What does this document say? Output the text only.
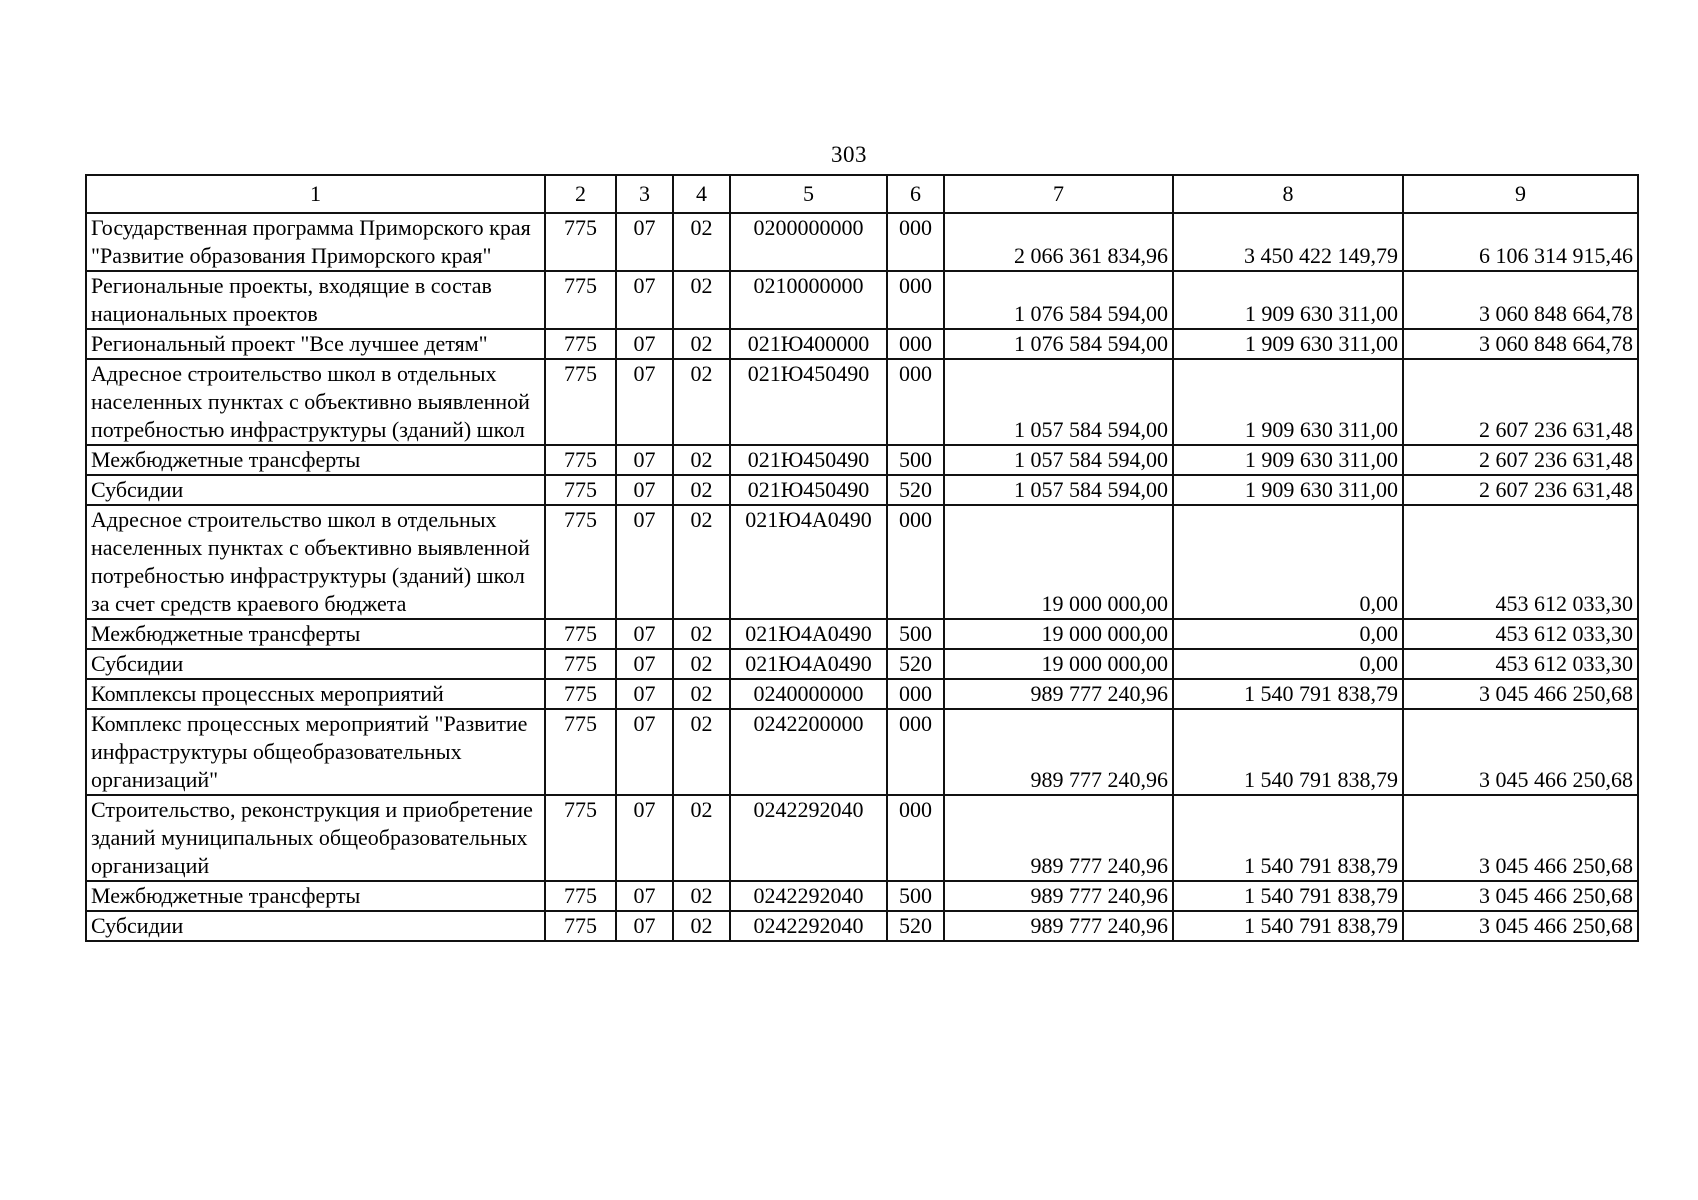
303
1	2	3	4	5	6	7	8	9
Государственная программа Приморского края "Развитие образования Приморского края"	775	07	02	0200000000	000	2 066 361 834,96	3 450 422 149,79	6 106 314 915,46
Региональные проекты, входящие в состав национальных проектов	775	07	02	0210000000	000	1 076 584 594,00	1 909 630 311,00	3 060 848 664,78
Региональный проект "Все лучшее детям"	775	07	02	021Ю400000	000	1 076 584 594,00	1 909 630 311,00	3 060 848 664,78
Адресное строительство школ в отдельных населенных пунктах с объективно выявленной потребностью инфраструктуры (зданий) школ	775	07	02	021Ю450490	000	1 057 584 594,00	1 909 630 311,00	2 607 236 631,48
Межбюджетные трансферты	775	07	02	021Ю450490	500	1 057 584 594,00	1 909 630 311,00	2 607 236 631,48
Субсидии	775	07	02	021Ю450490	520	1 057 584 594,00	1 909 630 311,00	2 607 236 631,48
Адресное строительство школ в отдельных населенных пунктах с объективно выявленной потребностью инфраструктуры (зданий) школ за счет средств краевого бюджета	775	07	02	021Ю4А0490	000	19 000 000,00	0,00	453 612 033,30
Межбюджетные трансферты	775	07	02	021Ю4А0490	500	19 000 000,00	0,00	453 612 033,30
Субсидии	775	07	02	021Ю4А0490	520	19 000 000,00	0,00	453 612 033,30
Комплексы процессных мероприятий	775	07	02	0240000000	000	989 777 240,96	1 540 791 838,79	3 045 466 250,68
Комплекс процессных мероприятий "Развитие инфраструктуры общеобразовательных организаций"	775	07	02	0242200000	000	989 777 240,96	1 540 791 838,79	3 045 466 250,68
Строительство, реконструкция и приобретение зданий муниципальных общеобразовательных организаций	775	07	02	0242292040	000	989 777 240,96	1 540 791 838,79	3 045 466 250,68
Межбюджетные трансферты	775	07	02	0242292040	500	989 777 240,96	1 540 791 838,79	3 045 466 250,68
Субсидии	775	07	02	0242292040	520	989 777 240,96	1 540 791 838,79	3 045 466 250,68
